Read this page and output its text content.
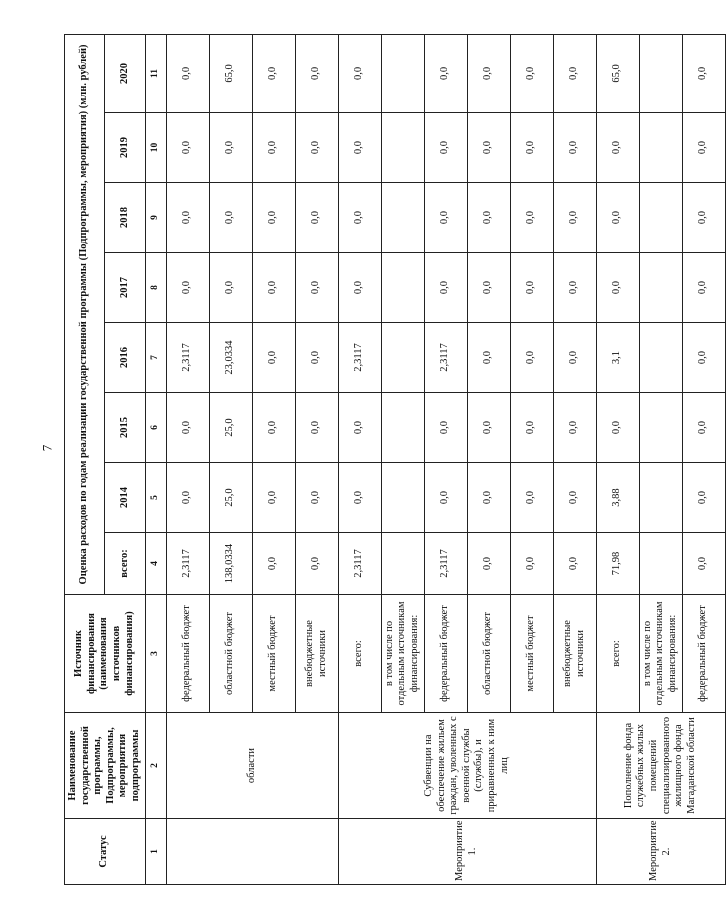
7
Статус	Наименование государственной программы, Подпрограммы, мероприятия подпрограммы	Источник финансирования (наименования источников финансирования)	Оценка расходов по годам реализации государственной программы (Подпрограммы, мероприятия) (млн. рублей)							
			всего:	2014	2015	2016	2017	2018	2019	2020
1	2	3	4	5	6	7	8	9	10	11
	области	федеральный бюджет	2,3117	0,0	0,0	2,3117	0,0	0,0	0,0	0,0
		областной бюджет	138,0334	25,0	25,0	23,0334	0,0	0,0	0,0	65,0
		местный бюджет	0,0	0,0	0,0	0,0	0,0	0,0	0,0	0,0
		внебюджетные источники	0,0	0,0	0,0	0,0	0,0	0,0	0,0	0,0
Мероприятие 1.	Субвенции на обеспечение жильем граждан, уволенных с военной службы (службы), и приравненных к ним лиц	всего:	2,3117	0,0	0,0	2,3117	0,0	0,0	0,0	0,0
		в том числе по отдельным источникам финансирования:								
		федеральный бюджет	2,3117	0,0	0,0	2,3117	0,0	0,0	0,0	0,0
		областной бюджет	0,0	0,0	0,0	0,0	0,0	0,0	0,0	0,0
		местный бюджет	0,0	0,0	0,0	0,0	0,0	0,0	0,0	0,0
		внебюджетные источники	0,0	0,0	0,0	0,0	0,0	0,0	0,0	0,0
Мероприятие 2.	Пополнение фонда служебных жилых помещений специализированного жилищного фонда Магаданской области	всего:	71,98	3,88	0,0	3,1	0,0	0,0	0,0	65,0
		в том числе по отдельным источникам финансирования:								
		федеральный бюджет	0,0	0,0	0,0	0,0	0,0	0,0	0,0	0,0
